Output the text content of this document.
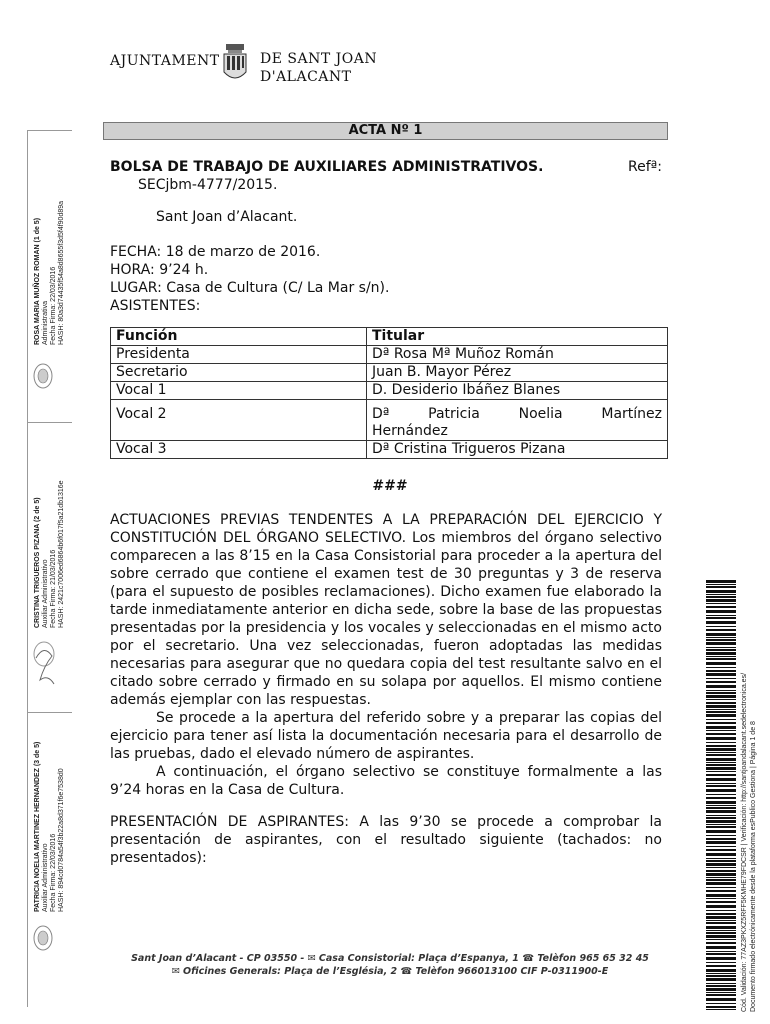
AJUNTAMENT	DE SANT JOAN
D'ALACANT
ACTA Nº 1
BOLSA DE TRABAJO DE AUXILIARES ADMINISTRATIVOS.	Refª:
SECjbm-4777/2015.
Sant Joan d’Alacant.
FECHA: 18 de marzo de 2016.
HORA: 9’24 h.
LUGAR: Casa de Cultura (C/ La Mar s/n).
ASISTENTES:
Función	Titular
Presidenta	Dª Rosa Mª Muñoz Román
Secretario	Juan B. Mayor Pérez
Vocal 1	D. Desiderio Ibáñez Blanes
Vocal 2	Dª Patricia Noelia Martínez
Hernández

Vocal 3	Dª Cristina Trigueros Pizana
###

ACTUACIONES PREVIAS TENDENTES A LA PREPARACIÓN DEL EJERCICIO Y CONSTITUCIÓN DEL ÓRGANO SELECTIVO. Los miembros del órgano selectivo comparecen a las 8’15 en la Casa Consistorial para proceder a la apertura del sobre cerrado que contiene el examen test de 30 preguntas y 3 de reserva (para el supuesto de posibles reclamaciones). Dicho examen fue elaborado la tarde inmediatamente anterior en dicha sede, sobre la base de las propuestas presentadas por la presidencia y los vocales y seleccionadas en el mismo acto por el secretario. Una vez seleccionadas, fueron adoptadas las medidas necesarias para asegurar que no quedara copia del test resultante salvo en el citado sobre cerrado y firmado en su solapa por aquellos. El mismo contiene además ejemplar con las respuestas.

Se procede a la apertura del referido sobre y a preparar las copias del ejercicio para tener así lista la documentación necesaria para el desarrollo de las pruebas, dado el elevado número de aspirantes.

A continuación, el órgano selectivo se constituye formalmente a las 9’24 horas en la Casa de Cultura.

PRESENTACIÓN DE ASPIRANTES: A las 9’30 se procede a comprobar la presentación de aspirantes, con el resultado siguiente (tachados: no presentados):

ROSA MARIA MUÑOZ ROMAN (1 de 5) Administrativa Fecha Firma: 22/03/2016 HASH: 80a3d74435f54a8d8655f3d5f4f90d89a
CRISTINA TRIGUEROS PIZANA (2 de 5) Auxiliar Administrativo Fecha Firma: 21/03/2016 HASH: 2421c7006ed6864b6f017f5a21db1316e
PATRICIA NOELIA MARTINEZ HERNANDEZ (3 de 5) Auxiliar Administrativo Fecha Firma: 22/03/2016 HASH: 894cd0784a54f3b22a8d371f6e7538d0	Cód. Validación: 77AZ3PKXZ5RFF5KMHE79FDCSR | Verificación: http://santjoandalacant.sedelectronica.es/ Documento firmado electrónicamente desde la plataforma esPublico Gestiona | Página 1 de 8
Sant Joan d’Alacant - CP 03550 - ✉ Casa Consistorial: Plaça d’Espanya, 1 ☎ Telèfon 965 65 32 45
✉ Oficines Generals: Plaça de l’Església, 2 ☎ Telèfon 966013100 CIF P-0311900-E
